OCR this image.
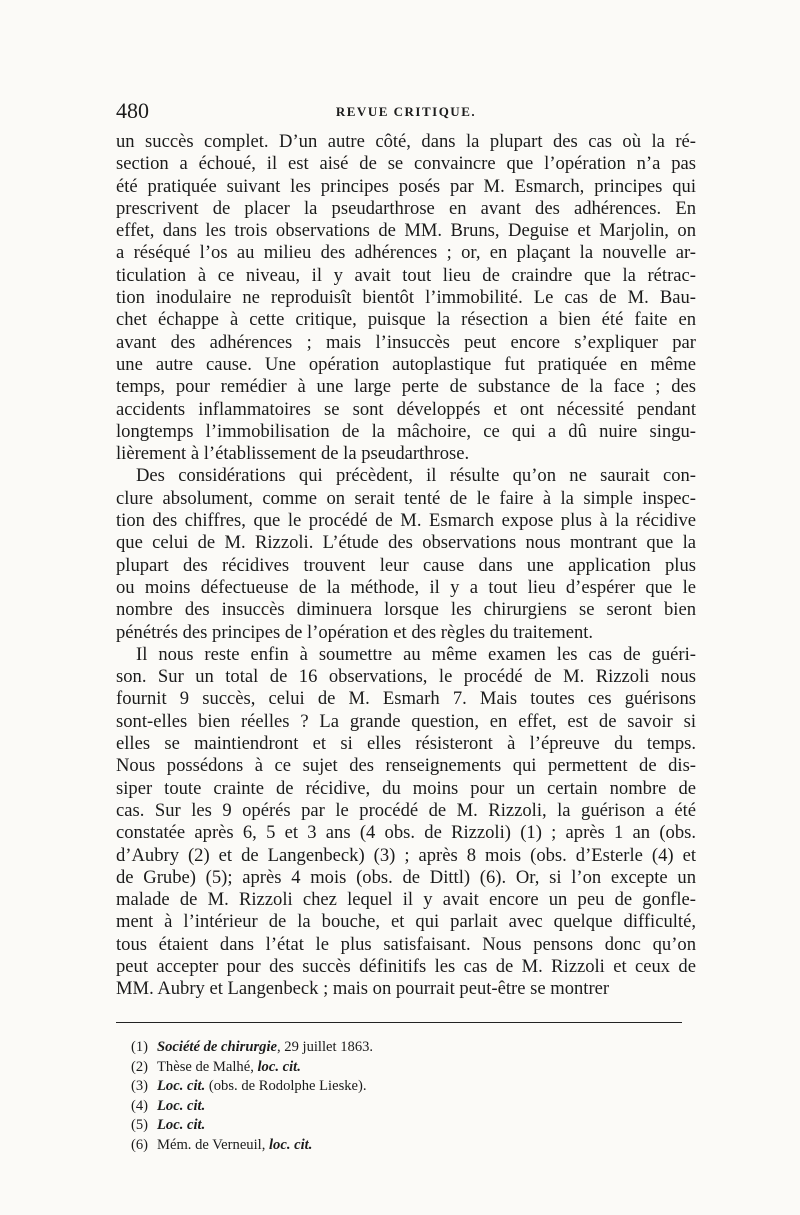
480	REVUE CRITIQUE.
un succès complet. D’un autre côté, dans la plupart des cas où la ré-
section a échoué, il est aisé de se convaincre que l’opération n’a pas
été pratiquée suivant les principes posés par M. Esmarch, principes qui
prescrivent de placer la pseudarthrose en avant des adhérences. En
effet, dans les trois observations de MM. Bruns, Deguise et Marjolin, on
a réséqué l’os au milieu des adhérences ; or, en plaçant la nouvelle ar-
ticulation à ce niveau, il y avait tout lieu de craindre que la rétrac-
tion inodulaire ne reproduisît bientôt l’immobilité. Le cas de M. Bau-
chet échappe à cette critique, puisque la résection a bien été faite en
avant des adhérences ; mais l’insuccès peut encore s’expliquer par
une autre cause. Une opération autoplastique fut pratiquée en même
temps, pour remédier à une large perte de substance de la face ; des
accidents inflammatoires se sont développés et ont nécessité pendant
longtemps l’immobilisation de la mâchoire, ce qui a dû nuire singu-
lièrement à l’établissement de la pseudarthrose.
Des considérations qui précèdent, il résulte qu’on ne saurait con-
clure absolument, comme on serait tenté de le faire à la simple inspec-
tion des chiffres, que le procédé de M. Esmarch expose plus à la récidive
que celui de M. Rizzoli. L’étude des observations nous montrant que la
plupart des récidives trouvent leur cause dans une application plus
ou moins défectueuse de la méthode, il y a tout lieu d’espérer que le
nombre des insuccès diminuera lorsque les chirurgiens se seront bien
pénétrés des principes de l’opération et des règles du traitement.
Il nous reste enfin à soumettre au même examen les cas de guéri-
son. Sur un total de 16 observations, le procédé de M. Rizzoli nous
fournit 9 succès, celui de M. Esmarh 7. Mais toutes ces guérisons
sont-elles bien réelles ? La grande question, en effet, est de savoir si
elles se maintiendront et si elles résisteront à l’épreuve du temps.
Nous possédons à ce sujet des renseignements qui permettent de dis-
siper toute crainte de récidive, du moins pour un certain nombre de
cas. Sur les 9 opérés par le procédé de M. Rizzoli, la guérison a été
constatée après 6, 5 et 3 ans (4 obs. de Rizzoli) (1) ; après 1 an (obs.
d’Aubry (2) et de Langenbeck) (3) ; après 8 mois (obs. d’Esterle (4) et
de Grube) (5); après 4 mois (obs. de Dittl) (6). Or, si l’on excepte un
malade de M. Rizzoli chez lequel il y avait encore un peu de gonfle-
ment à l’intérieur de la bouche, et qui parlait avec quelque difficulté,
tous étaient dans l’état le plus satisfaisant. Nous pensons donc qu’on
peut accepter pour des succès définitifs les cas de M. Rizzoli et ceux de
MM. Aubry et Langenbeck ; mais on pourrait peut-être se montrer
(1) Société de chirurgie, 29 juillet 1863.
(2) Thèse de Malhé, loc. cit.
(3) Loc. cit. (obs. de Rodolphe Lieske).
(4) Loc. cit.
(5) Loc. cit.
(6) Mém. de Verneuil, loc. cit.
